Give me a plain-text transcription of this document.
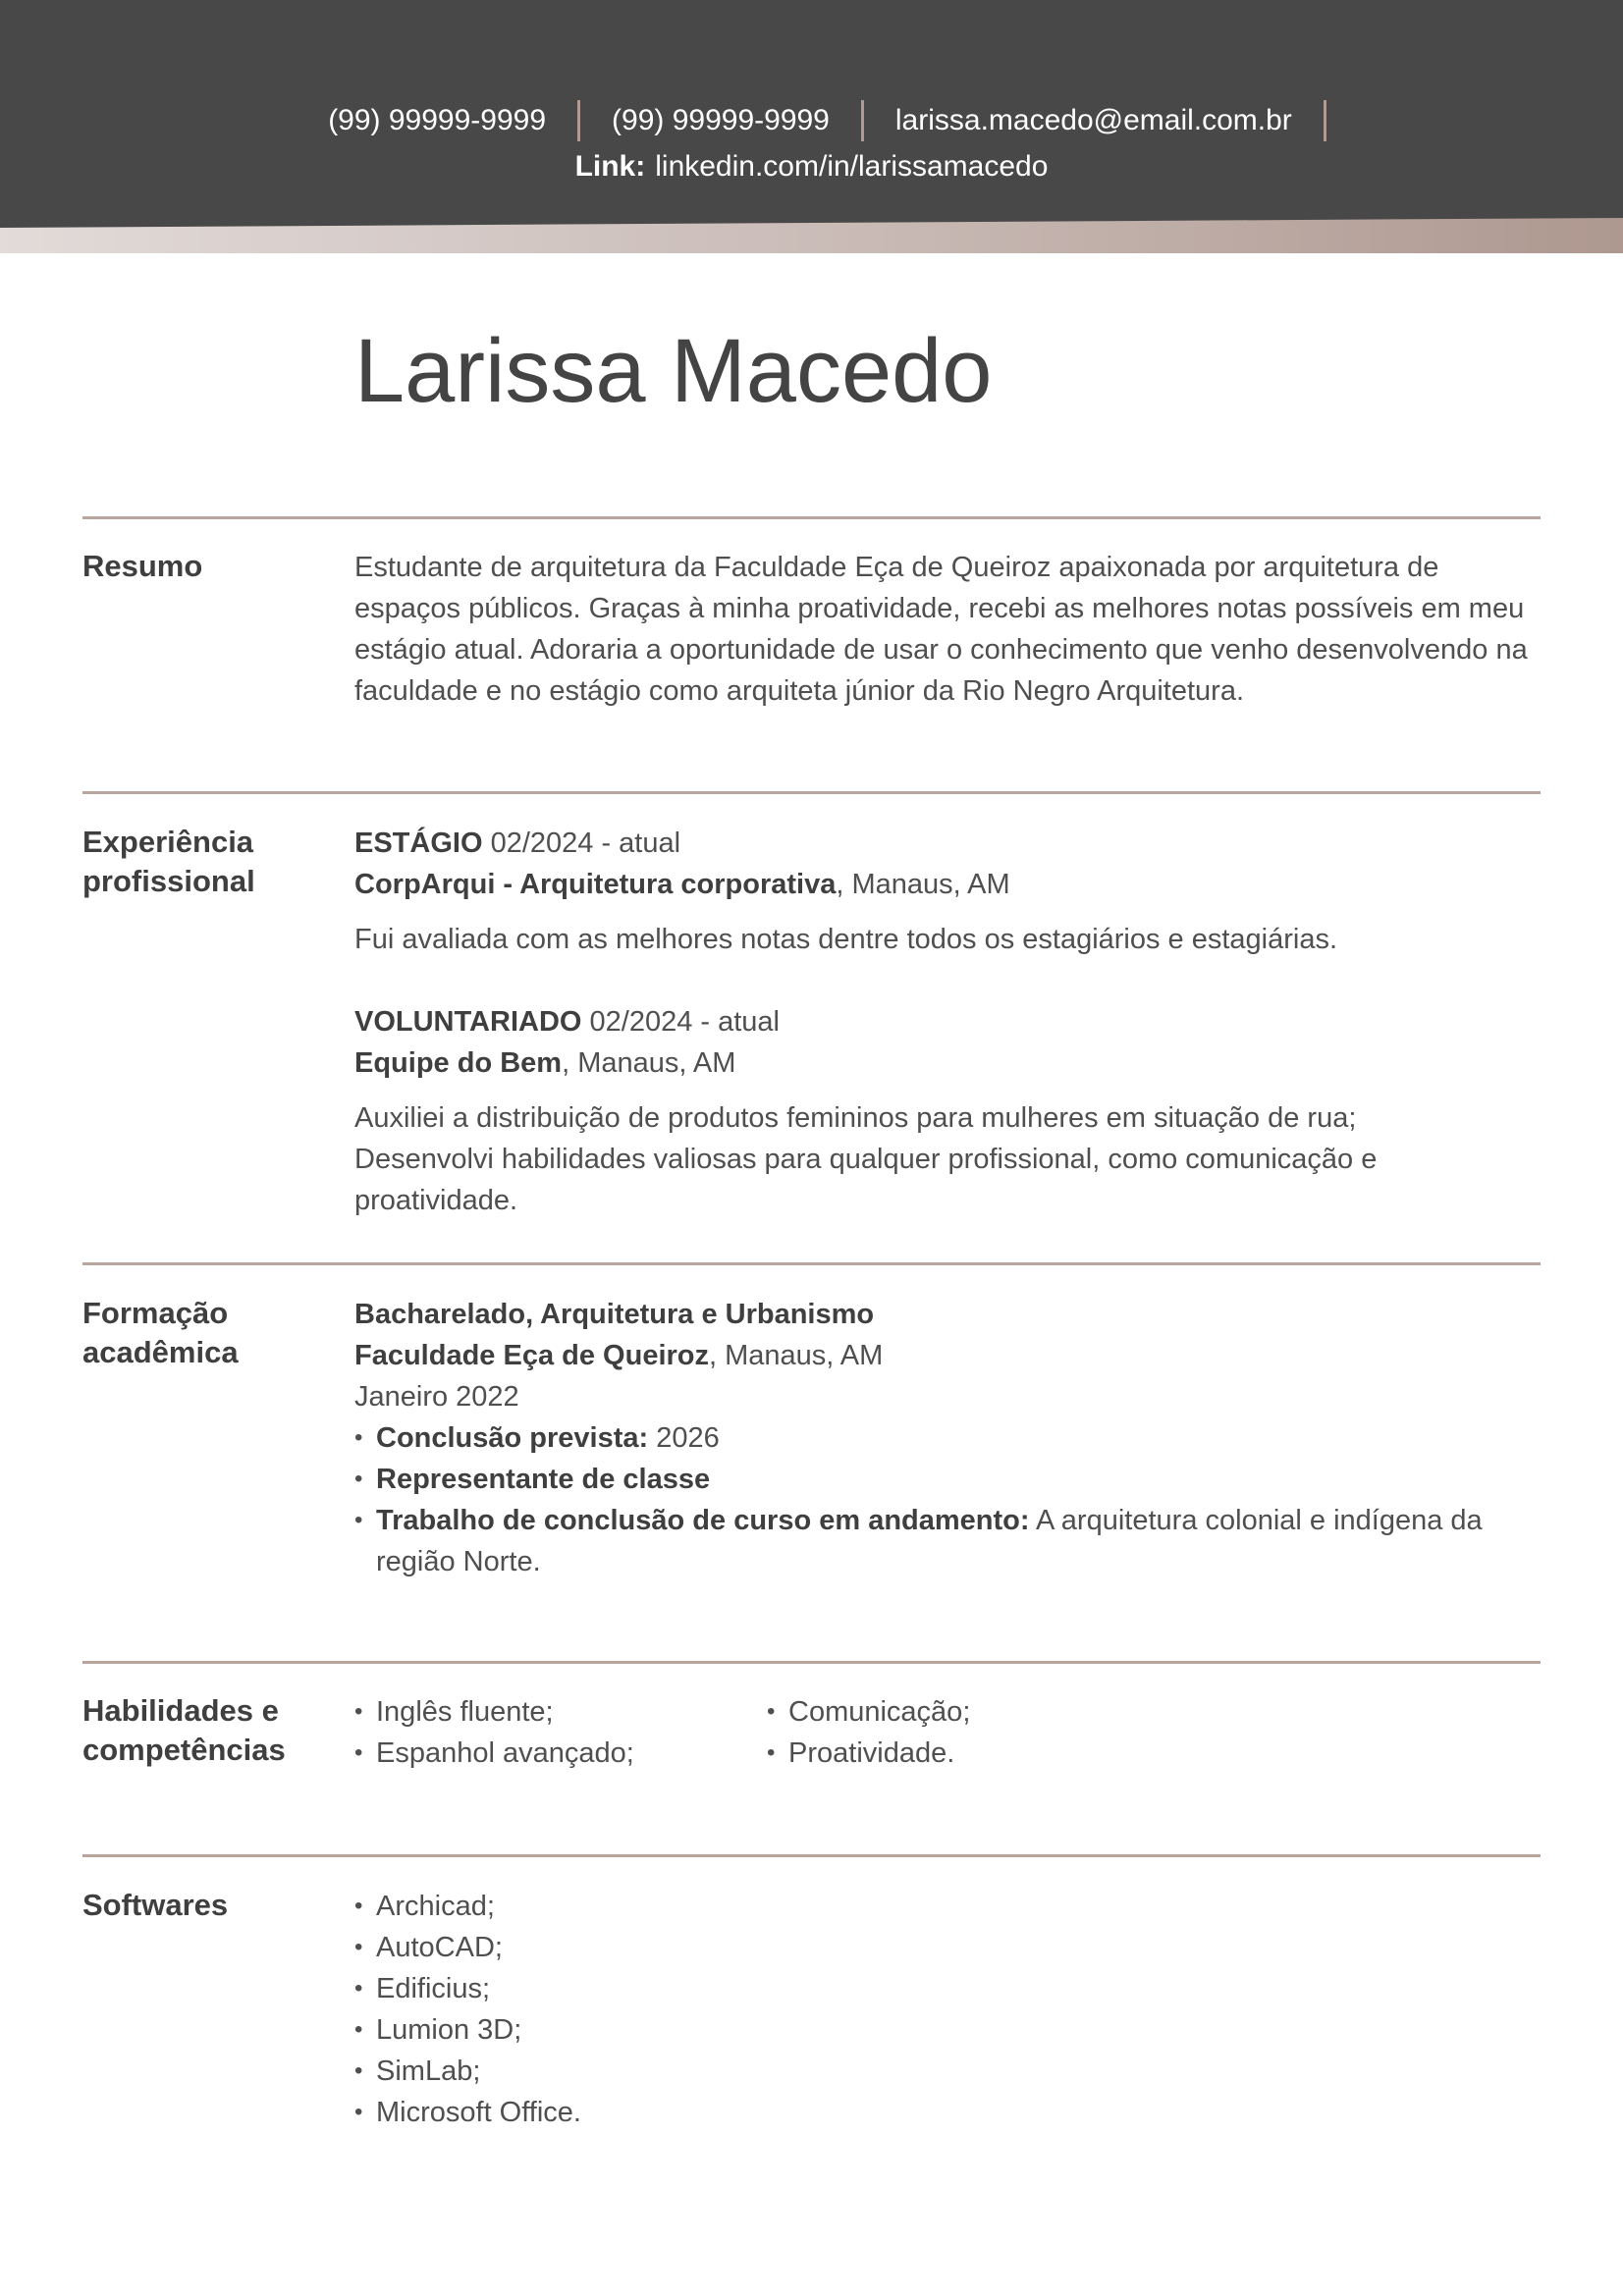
(99) 99999-9999	(99) 99999-9999	larissa.macedo@email.com.br
Link: linkedin.com/in/larissamacedo
Larissa Macedo
Resumo	Estudante de arquitetura da Faculdade Eça de Queiroz apaixonada por arquitetura de espaços públicos. Graças à minha proatividade, recebi as melhores notas possíveis em meu estágio atual. Adoraria a oportunidade de usar o conhecimento que venho desenvolvendo na faculdade e no estágio como arquiteta júnior da Rio Negro Arquitetura.

Experiência
profissional
ESTÁGIO 02/2024 - atual
CorpArqui - Arquitetura corporativa, Manaus, AM

Fui avaliada com as melhores notas dentre todos os estagiários e estagiárias.

VOLUNTARIADO 02/2024 - atual
Equipe do Bem, Manaus, AM

Auxiliei a distribuição de produtos femininos para mulheres em situação de rua;

Desenvolvi habilidades valiosas para qualquer profissional, como comunicação e proatividade.

Formação
acadêmica
Bacharelado, Arquitetura e Urbanismo
Faculdade Eça de Queiroz, Manaus, AM
Janeiro 2022
• Conclusão prevista: 2026
• Representante de classe
• Trabalho de conclusão de curso em andamento: A arquitetura colonial e indígena da região Norte.
Habilidades e
competências
• Inglês fluente;
• Espanhol avançado;
• Comunicação;
• Proatividade.
Softwares
•	Archicad;
• AutoCAD;
• Edificius;
• Lumion 3D;
• SimLab;
• Microsoft Office.
